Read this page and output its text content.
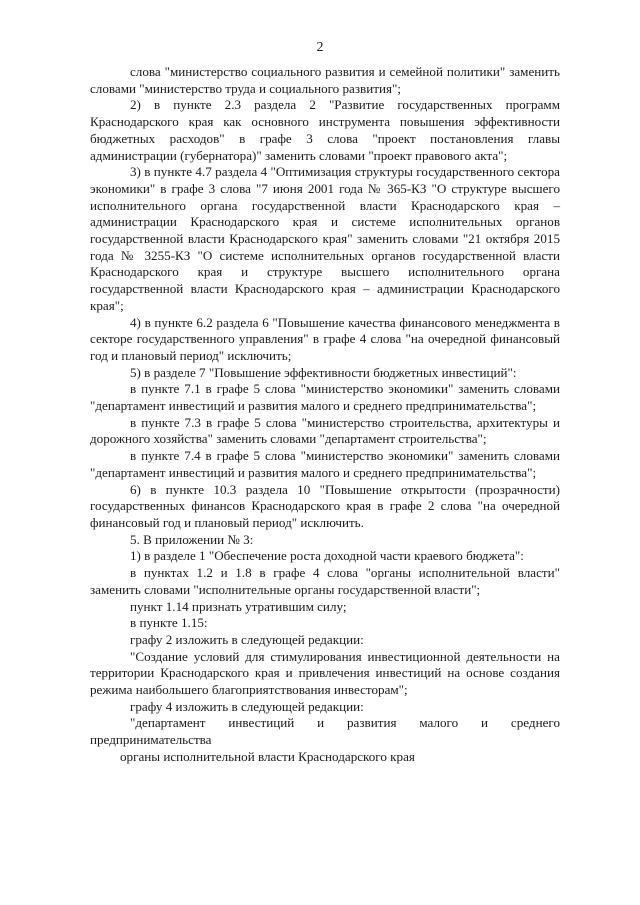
2

слова "министерство социального развития и семейной политики" заменить словами "министерство труда и социального развития";

2) в пункте 2.3 раздела 2 "Развитие государственных программ Краснодарского края как основного инструмента повышения эффективности бюджетных расходов" в графе 3 слова "проект постановления главы администрации (губернатора)" заменить словами "проект правового акта";

3) в пункте 4.7 раздела 4 "Оптимизация структуры государственного сектора экономики" в графе 3 слова "7 июня 2001 года № 365-КЗ "О структуре высшего исполнительного органа государственной власти Краснодарского края – администрации Краснодарского края и системе исполнительных органов государственной власти Краснодарского края" заменить словами "21 октября 2015 года № 3255-КЗ "О системе исполнительных органов государственной власти Краснодарского края и структуре высшего исполнительного органа государственной власти Краснодарского края – администрации Краснодарского края";

4) в пункте 6.2 раздела 6 "Повышение качества финансового менеджмента в секторе государственного управления" в графе 4 слова "на очередной финансовый год и плановый период" исключить;

5) в разделе 7 "Повышение эффективности бюджетных инвестиций":

в пункте 7.1 в графе 5 слова "министерство экономики" заменить словами "департамент инвестиций и развития малого и среднего предпринимательства";

в пункте 7.3 в графе 5 слова "министерство строительства, архитектуры и дорожного хозяйства" заменить словами "департамент строительства";

в пункте 7.4 в графе 5 слова "министерство экономики" заменить словами "департамент инвестиций и развития малого и среднего предпринимательства";

6) в пункте 10.3 раздела 10 "Повышение открытости (прозрачности) государственных финансов Краснодарского края в графе 2 слова "на очередной финансовый год и плановый период" исключить.

5. В приложении № 3:

1) в разделе 1 "Обеспечение роста доходной части краевого бюджета":

в пунктах 1.2 и 1.8 в графе 4 слова "органы исполнительной власти" заменить словами "исполнительные органы государственной власти";

пункт 1.14 признать утратившим силу;

в пункте 1.15:

графу 2 изложить в следующей редакции:

"Создание условий для стимулирования инвестиционной деятельности на территории Краснодарского края и привлечения инвестиций на основе создания режима наибольшего благоприятствования инвесторам";

графу 4 изложить в следующей редакции:

"департамент инвестиций и развития малого и среднего предпринимательства

органы исполнительной власти Краснодарского края
